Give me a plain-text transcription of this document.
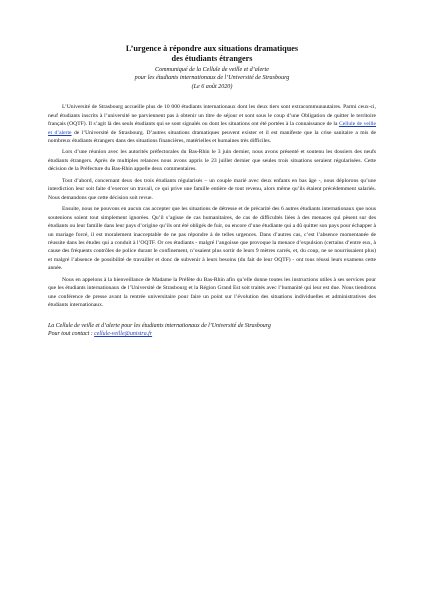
L’urgence à répondre aux situations dramatiques
des étudiants étrangers
Communiqué de la Cellule de veille et d’alerte
pour les étudiants internationaux de l’Université de Strasbourg
(Le 6 août 2020)

L’Université de Strasbourg accueille plus de 10 000 étudiants internationaux dont les deux tiers sont extracommunautaires. Parmi ceux-ci, neuf étudiants inscrits à l’université ne parviennent pas à obtenir un titre de séjour et sont sous le coup d’une Obligation de quitter le territoire français (OQTF). Il s’agit là des seuls étudiants qui se sont signalés ou dont les situations ont été portées à la connaissance de la Cellule de veille et d’alerte de l’Université de Strasbourg. D’autres situations dramatiques peuvent exister et il est manifeste que la crise sanitaire a mis de nombreux étudiants étrangers dans des situations financières, matérielles et humaines très difficiles.

Lors d’une réunion avec les autorités préfectorales du Bas-Rhin le 3 juin dernier, nous avons présenté et soutenu les dossiers des neufs étudiants étrangers. Après de multiples relances nous avons appris le 23 juillet dernier que seules trois situations seraient régularisées. Cette décision de la Préfecture du Bas-Rhin appelle deux commentaires.

Tout d’abord, concernant deux des trois étudiants régularisés – un couple marié avec deux enfants en bas âge -, nous déplorons qu’une interdiction leur soit faite d’exercer un travail, ce qui prive une famille entière de tout revenu, alors même qu’ils étaient précédemment salariés. Nous demandons que cette décision soit revue.

Ensuite, nous ne pouvons en aucun cas accepter que les situations de détresse et de précarité des 6 autres étudiants internationaux que nous soutenions soient tout simplement ignorées. Qu’il s’agisse de cas humanitaires, de cas de difficultés liées à des menaces qui pèsent sur des étudiants ou leur famille dans leur pays d’origine qu’ils ont été obligés de fuir, ou encore d’une étudiante qui a dû quitter son pays pour échapper à un mariage forcé, il est moralement inacceptable de ne pas répondre à de telles urgences. Dans d’autres cas, c’est l’absence momentanée de réussite dans les études qui a conduit à l’OQTF. Or ces étudiants - malgré l’angoisse que provoque la menace d’expulsion (certains d’entre eux, à cause des fréquents contrôles de police durant le confinement, n’osaient plus sortir de leurs 9 mètres carrés, et, du coup, ne se nourrissaient plus) et malgré l’absence de possibilité de travailler et donc de subvenir à leurs besoins (du fait de leur OQTF) - ont tous réussi leurs examens cette année.

Nous en appelons à la bienveillance de Madame la Préfète du Bas-Rhin afin qu’elle donne toutes les instructions utiles à ses services pour que les étudiants internationaux de l’Université de Strasbourg et la Région Grand Est soit traités avec l’humanité qui leur est due. Nous tiendrons une conférence de presse avant la rentrée universitaire pour faire un point sur l’évolution des situations individuelles et administratives des étudiants internationaux.

La Cellule de veille et d’alerte pour les étudiants internationaux de l’Université de Strasbourg
Pour tout contact : cellule-veille@unistra.fr
